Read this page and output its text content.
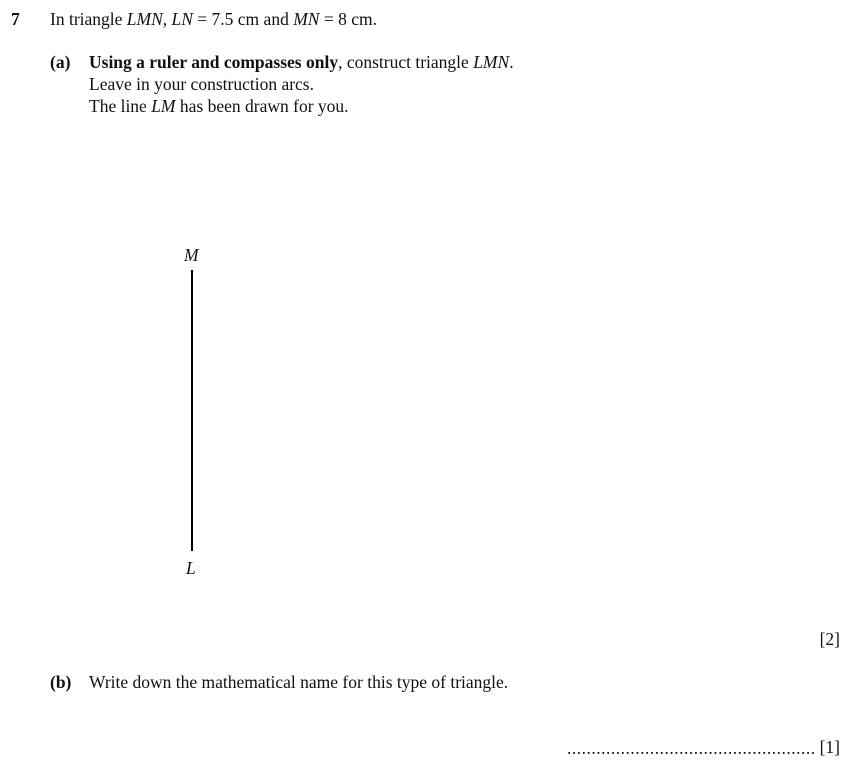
7 In triangle LMN, LN = 7.5 cm and MN = 8 cm.
(a) Using a ruler and compasses only, construct triangle LMN.
Leave in your construction arcs.
The line LM has been drawn for you.
M
L
[2]
(b) Write down the mathematical name for this type of triangle.
................................................... [1]
